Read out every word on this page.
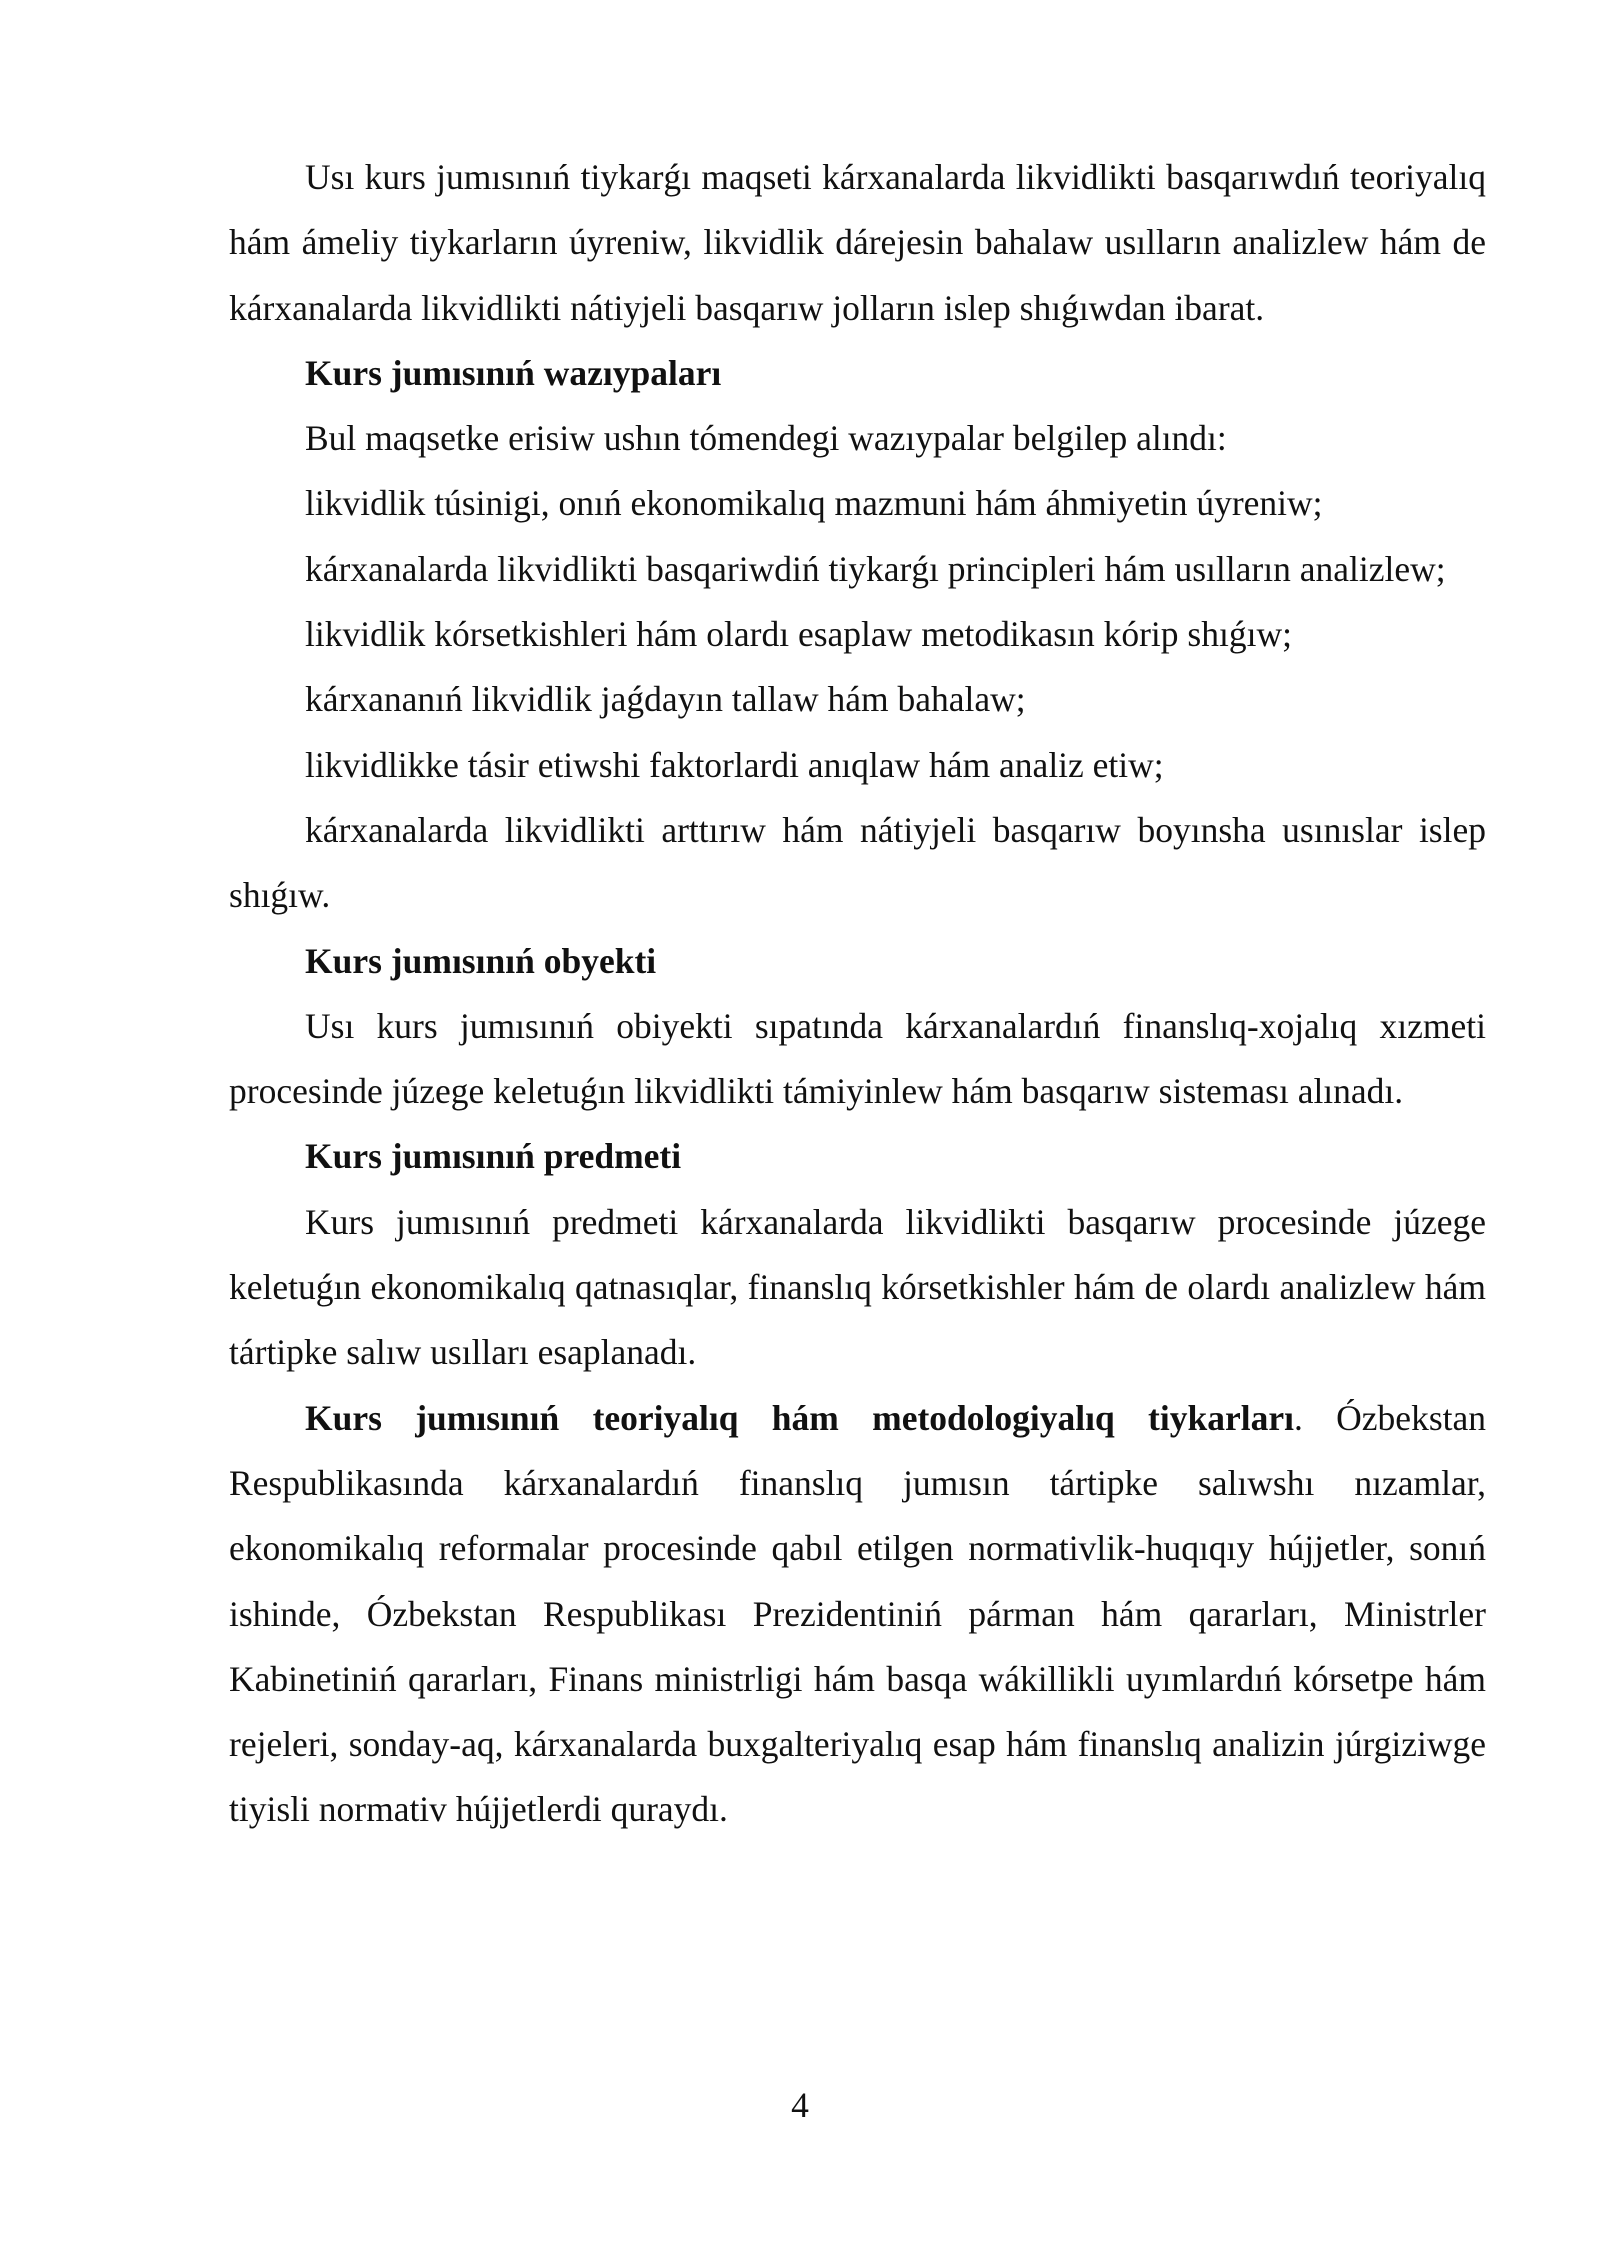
Usı kurs jumısınıń tiykarǵı maqseti kárxanalarda likvidlikti basqarıwdıń teoriyalıq hám ámeliy tiykarların úyreniw, likvidlik dárejesin bahalaw usılların analizlew hám de kárxanalarda likvidlikti nátiyjeli basqarıw jolların islep shıǵıwdan ibarat.

Kurs jumısınıń wazıypaları

Bul maqsetke erisiw ushın tómendegi wazıypalar belgilep alındı:

likvidlik túsinigi, onıń ekonomikalıq mazmuni hám áhmiyetin úyreniw;

kárxanalarda likvidlikti basqariwdiń tiykarǵı principleri hám usılların analizlew;

likvidlik kórsetkishleri hám olardı esaplaw metodikasın kórip shıǵıw;

kárxananıń likvidlik jaǵdayın tallaw hám bahalaw;

likvidlikke tásir etiwshi faktorlardi anıqlaw hám analiz etiw;

kárxanalarda likvidlikti arttırıw hám nátiyjeli basqarıw boyınsha usınıslar islep shıǵıw.

Kurs jumısınıń obyekti

Usı kurs jumısınıń obiyekti sıpatında kárxanalardıń finanslıq-xojalıq xızmeti procesinde júzege keletuǵın likvidlikti támiyinlew hám basqarıw sisteması alınadı.

Kurs jumısınıń predmeti

Kurs jumısınıń predmeti kárxanalarda likvidlikti basqarıw procesinde júzege keletuǵın ekonomikalıq qatnasıqlar, finanslıq kórsetkishler hám de olardı analizlew hám tártipke salıw usılları esaplanadı.

Kurs jumısınıń teoriyalıq hám metodologiyalıq tiykarları. Ózbekstan Respublikasında kárxanalardıń finanslıq jumısın tártipke salıwshı nızamlar, ekonomikalıq reformalar procesinde qabıl etilgen normativlik-huqıqıy hújjetler, sonıń ishinde, Ózbekstan Respublikası Prezidentiniń párman hám qararları, Ministrler Kabinetiniń qararları, Finans ministrligi hám basqa wákillikli uyımlardıń kórsetpe hám rejeleri, sonday-aq, kárxanalarda buxgalteriyalıq esap hám finanslıq analizin júrgiziwge tiyisli normativ hújjetlerdi quraydı.

4
